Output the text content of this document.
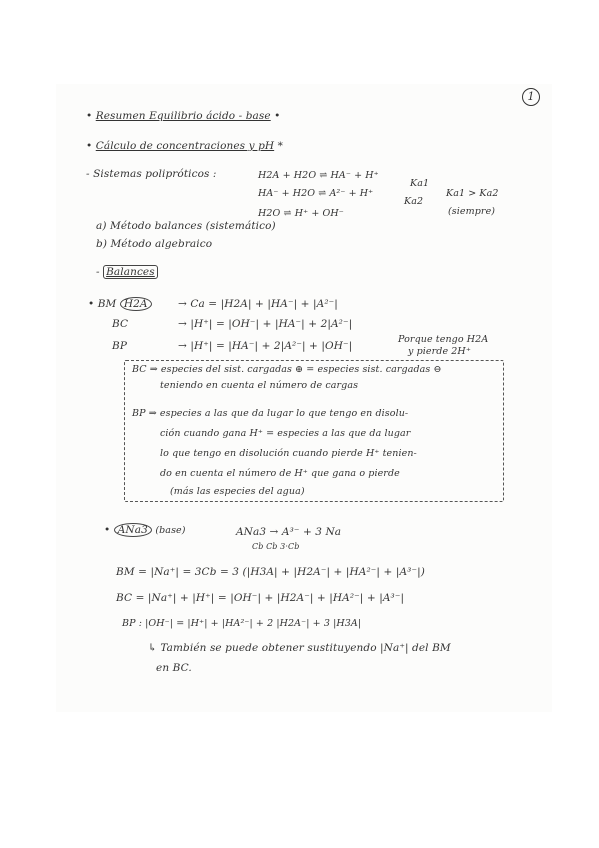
1
• Resumen Equilibrio ácido - base •
• Cálculo de concentraciones y pH *
- Sistemas polipróticos :	H2A + H2O ⇌ HA⁻ + H⁺
Ka1
HA⁻ + H2O ⇌ A²⁻ + H⁺
Ka2
H2O ⇌ H⁺ + OH⁻
Ka1 > Ka2
(siempre)
a) Método balances (sistemático)
b) Método algebraico
- Balances
• BM H2A	→ Ca = |H2A| + |HA⁻| + |A²⁻|
BC	→ |H⁺| = |OH⁻| + |HA⁻| + 2|A²⁻|
BP	→ |H⁺| = |HA⁻| + 2|A²⁻| + |OH⁻|
Porque tengo H2A
y pierde 2H⁺
BC ⇒ especies del sist. cargadas ⊕ = especies sist. cargadas ⊖
teniendo en cuenta el número de cargas
BP ⇒ especies a las que da lugar lo que tengo en disolu-
ción cuando gana H⁺ = especies a las que da lugar
lo que tengo en disolución cuando pierde H⁺ tenien-
do en cuenta el número de H⁺ que gana o pierde
(más las especies del agua)
• ANa3 (base)	ANa3 → A³⁻ + 3 Na
Cb Cb 3·Cb
BM = |Na⁺| = 3Cb = 3 (|H3A| + |H2A⁻| + |HA²⁻| + |A³⁻|)
BC = |Na⁺| + |H⁺| = |OH⁻| + |H2A⁻| + |HA²⁻| + |A³⁻|
BP : |OH⁻| = |H⁺| + |HA²⁻| + 2 |H2A⁻| + 3 |H3A|
↳ También se puede obtener sustituyendo |Na⁺| del BM
en BC.
